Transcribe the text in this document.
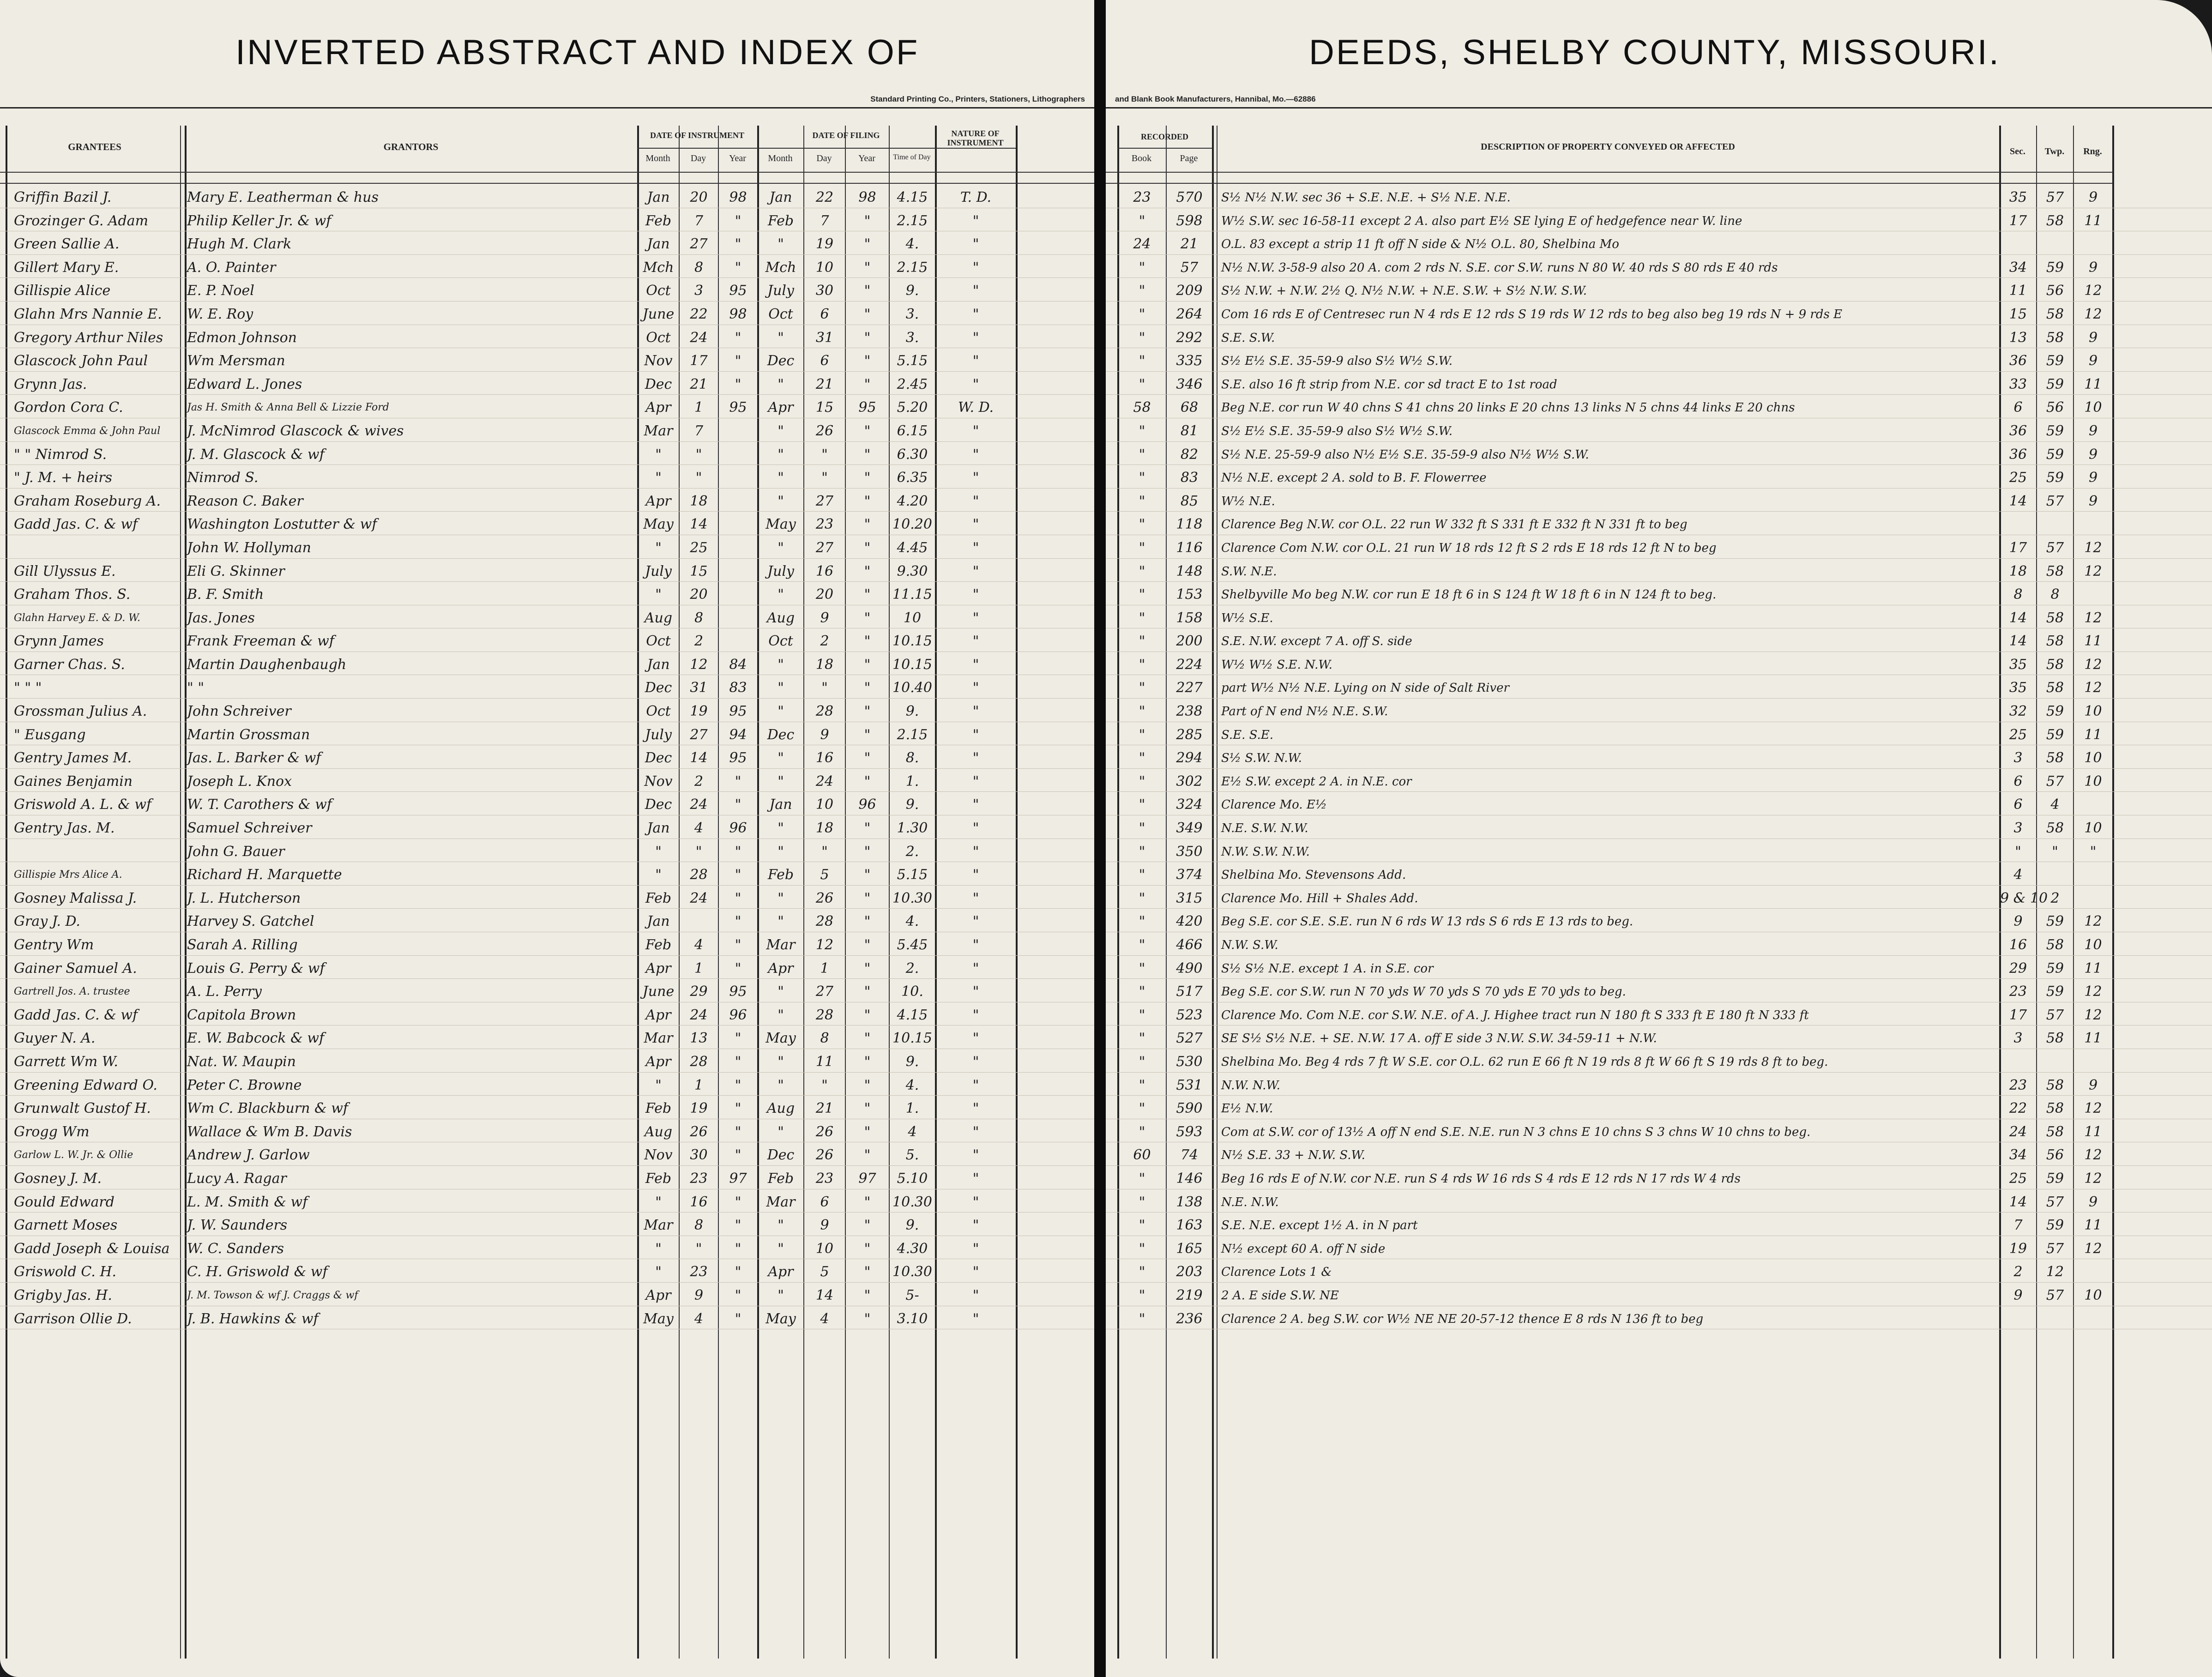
INVERTED ABSTRACT AND INDEX OF
Standard Printing Co., Printers, Stationers, Lithographers
GRANTEES	GRANTORS
DATE OF INSTRUMENT	DATE OF FILING	NATURE OF INSTRUMENT
Month	Day	Year	Month	Day	Year	Time of Day
Griffin Bazil J.	Mary E. Leatherman & hus	Jan	20	98	Jan	22	98	4.15	T. D.
Grozinger G. Adam	Philip Keller Jr. & wf	Feb	7	"	Feb	7	"	2.15	"
Green Sallie A.	Hugh M. Clark	Jan	27	"	"	19	"	4.	"
Gillert Mary E.	A. O. Painter	Mch	8	"	Mch	10	"	2.15	"
Gillispie Alice	E. P. Noel	Oct	3	95	July	30	"	9.	"
Glahn Mrs Nannie E.	W. E. Roy	June	22	98	Oct	6	"	3.	"
Gregory Arthur Niles	Edmon Johnson	Oct	24	"	"	31	"	3.	"
Glascock John Paul	Wm Mersman	Nov	17	"	Dec	6	"	5.15	"
Grynn Jas.	Edward L. Jones	Dec	21	"	"	21	"	2.45	"
Gordon Cora C.	Jas H. Smith & Anna Bell & Lizzie Ford	Apr	1	95	Apr	15	95	5.20	W. D.
Glascock Emma & John Paul	J. McNimrod Glascock & wives	Mar	7	"	26	"	6.15	"
" " Nimrod S.	J. M. Glascock & wf	"	"	"	"	"	6.30	"
" J. M. + heirs	Nimrod S.	"	"	"	"	"	6.35	"
Graham Roseburg A.	Reason C. Baker	Apr	18	"	27	"	4.20	"
Gadd Jas. C. & wf	Washington Lostutter & wf	May	14	May	23	"	10.20	"
John W. Hollyman	"	25	"	27	"	4.45	"
Gill Ulyssus E.	Eli G. Skinner	July	15	July	16	"	9.30	"
Graham Thos. S.	B. F. Smith	"	20	"	20	"	11.15	"
Glahn Harvey E. & D. W.	Jas. Jones	Aug	8	Aug	9	"	10	"
Grynn James	Frank Freeman & wf	Oct	2	Oct	2	"	10.15	"
Garner Chas. S.	Martin Daughenbaugh	Jan	12	84	"	18	"	10.15	"
" " "	" "	Dec	31	83	"	"	"	10.40	"
Grossman Julius A.	John Schreiver	Oct	19	95	"	28	"	9.	"
" Eusgang	Martin Grossman	July	27	94	Dec	9	"	2.15	"
Gentry James M.	Jas. L. Barker & wf	Dec	14	95	"	16	"	8.	"
Gaines Benjamin	Joseph L. Knox	Nov	2	"	"	24	"	1.	"
Griswold A. L. & wf	W. T. Carothers & wf	Dec	24	"	Jan	10	96	9.	"
Gentry Jas. M.	Samuel Schreiver	Jan	4	96	"	18	"	1.30	"
John G. Bauer	"	"	"	"	"	"	2.	"
Gillispie Mrs Alice A.	Richard H. Marquette	"	28	"	Feb	5	"	5.15	"
Gosney Malissa J.	J. L. Hutcherson	Feb	24	"	"	26	"	10.30	"
Gray J. D.	Harvey S. Gatchel	Jan	"	"	28	"	4.	"
Gentry Wm	Sarah A. Rilling	Feb	4	"	Mar	12	"	5.45	"
Gainer Samuel A.	Louis G. Perry & wf	Apr	1	"	Apr	1	"	2.	"
Gartrell Jos. A. trustee	A. L. Perry	June	29	95	"	27	"	10.	"
Gadd Jas. C. & wf	Capitola Brown	Apr	24	96	"	28	"	4.15	"
Guyer N. A.	E. W. Babcock & wf	Mar	13	"	May	8	"	10.15	"
Garrett Wm W.	Nat. W. Maupin	Apr	28	"	"	11	"	9.	"
Greening Edward O.	Peter C. Browne	"	1	"	"	"	"	4.	"
Grunwalt Gustof H.	Wm C. Blackburn & wf	Feb	19	"	Aug	21	"	1.	"
Grogg Wm	Wallace & Wm B. Davis	Aug	26	"	"	26	"	4	"
Garlow L. W. Jr. & Ollie	Andrew J. Garlow	Nov	30	"	Dec	26	"	5.	"
Gosney J. M.	Lucy A. Ragar	Feb	23	97	Feb	23	97	5.10	"
Gould Edward	L. M. Smith & wf	"	16	"	Mar	6	"	10.30	"
Garnett Moses	J. W. Saunders	Mar	8	"	"	9	"	9.	"
Gadd Joseph & Louisa	W. C. Sanders	"	"	"	"	10	"	4.30	"
Griswold C. H.	C. H. Griswold & wf	"	23	"	Apr	5	"	10.30	"
Grigby Jas. H.	J. M. Towson & wf J. Craggs & wf	Apr	9	"	"	14	"	5-	"
Garrison Ollie D.	J. B. Hawkins & wf	May	4	"	May	4	"	3.10	"
DEEDS, SHELBY COUNTY, MISSOURI.
and Blank Book Manufacturers, Hannibal, Mo.—62886
RECORDED
Book	Page
DESCRIPTION OF PROPERTY CONVEYED OR AFFECTED	Sec.	Twp.	Rng.
23	570	S½ N½ N.W. sec 36 + S.E. N.E. + S½ N.E. N.E.	35	57	9
"	598	W½ S.W. sec 16-58-11 except 2 A. also part E½ SE lying E of hedgefence near W. line	17	58	11
24	21	O.L. 83 except a strip 11 ft off N side & N½ O.L. 80, Shelbina Mo
"	57	N½ N.W. 3-58-9 also 20 A. com 2 rds N. S.E. cor S.W. runs N 80 W. 40 rds S 80 rds E 40 rds	34	59	9
"	209	S½ N.W. + N.W. 2½ Q. N½ N.W. + N.E. S.W. + S½ N.W. S.W.	11	56	12
"	264	Com 16 rds E of Centresec run N 4 rds E 12 rds S 19 rds W 12 rds to beg also beg 19 rds N + 9 rds E	15	58	12
"	292	S.E. S.W.	13	58	9
"	335	S½ E½ S.E. 35-59-9 also S½ W½ S.W.	36	59	9
"	346	S.E. also 16 ft strip from N.E. cor sd tract E to 1st road	33	59	11
58	68	Beg N.E. cor run W 40 chns S 41 chns 20 links E 20 chns 13 links N 5 chns 44 links E 20 chns	6	56	10
"	81	S½ E½ S.E. 35-59-9 also S½ W½ S.W.	36	59	9
"	82	S½ N.E. 25-59-9 also N½ E½ S.E. 35-59-9 also N½ W½ S.W.	36	59	9
"	83	N½ N.E. except 2 A. sold to B. F. Flowerree	25	59	9
"	85	W½ N.E.	14	57	9
"	118	Clarence Beg N.W. cor O.L. 22 run W 332 ft S 331 ft E 332 ft N 331 ft to beg
"	116	Clarence Com N.W. cor O.L. 21 run W 18 rds 12 ft S 2 rds E 18 rds 12 ft N to beg	17	57	12
"	148	S.W. N.E.	18	58	12
"	153	Shelbyville Mo beg N.W. cor run E 18 ft 6 in S 124 ft W 18 ft 6 in N 124 ft to beg.	8	8
"	158	W½ S.E.	14	58	12
"	200	S.E. N.W. except 7 A. off S. side	14	58	11
"	224	W½ W½ S.E. N.W.	35	58	12
"	227	part W½ N½ N.E. Lying on N side of Salt River	35	58	12
"	238	Part of N end N½ N.E. S.W.	32	59	10
"	285	S.E. S.E.	25	59	11
"	294	S½ S.W. N.W.	3	58	10
"	302	E½ S.W. except 2 A. in N.E. cor	6	57	10
"	324	Clarence Mo. E½	6	4
"	349	N.E. S.W. N.W.	3	58	10
"	350	N.W. S.W. N.W.	"	"	"
"	374	Shelbina Mo. Stevensons Add.	4
"	315	Clarence Mo. Hill + Shales Add.	9 & 10 2
"	420	Beg S.E. cor S.E. S.E. run N 6 rds W 13 rds S 6 rds E 13 rds to beg.	9	59	12
"	466	N.W. S.W.	16	58	10
"	490	S½ S½ N.E. except 1 A. in S.E. cor	29	59	11
"	517	Beg S.E. cor S.W. run N 70 yds W 70 yds S 70 yds E 70 yds to beg.	23	59	12
"	523	Clarence Mo. Com N.E. cor S.W. N.E. of A. J. Highee tract run N 180 ft S 333 ft E 180 ft N 333 ft	17	57	12
"	527	SE S½ S½ N.E. + SE. N.W. 17 A. off E side 3 N.W. S.W. 34-59-11 + N.W.	3	58	11
"	530	Shelbina Mo. Beg 4 rds 7 ft W S.E. cor O.L. 62 run E 66 ft N 19 rds 8 ft W 66 ft S 19 rds 8 ft to beg.
"	531	N.W. N.W.	23	58	9
"	590	E½ N.W.	22	58	12
"	593	Com at S.W. cor of 13½ A off N end S.E. N.E. run N 3 chns E 10 chns S 3 chns W 10 chns to beg.	24	58	11
60	74	N½ S.E. 33 + N.W. S.W.	34	56	12
"	146	Beg 16 rds E of N.W. cor N.E. run S 4 rds W 16 rds S 4 rds E 12 rds N 17 rds W 4 rds	25	59	12
"	138	N.E. N.W.	14	57	9
"	163	S.E. N.E. except 1½ A. in N part	7	59	11
"	165	N½ except 60 A. off N side	19	57	12
"	203	Clarence Lots 1 &	2	12
"	219	2 A. E side S.W. NE	9	57	10
"	236	Clarence 2 A. beg S.W. cor W½ NE NE 20-57-12 thence E 8 rds N 136 ft to beg
